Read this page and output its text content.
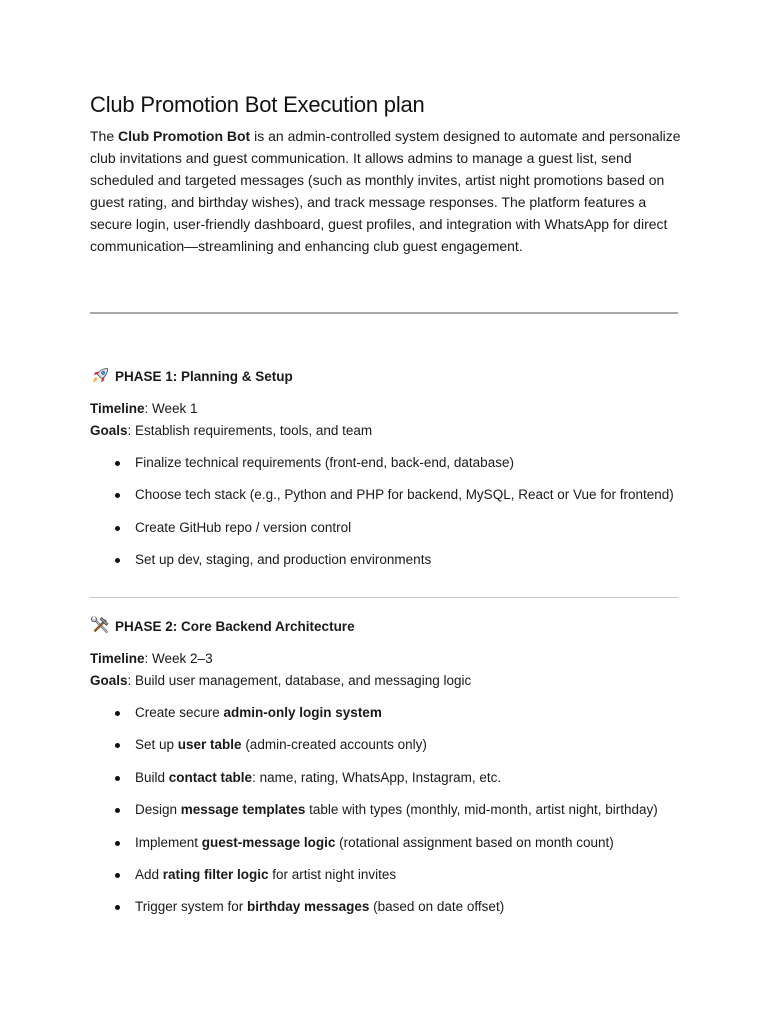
Club Promotion Bot Execution plan

The Club Promotion Bot is an admin-controlled system designed to automate and personalize club invitations and guest communication. It allows admins to manage a guest list, send scheduled and targeted messages (such as monthly invites, artist night promotions based on guest rating, and birthday wishes), and track message responses. The platform features a secure login, user-friendly dashboard, guest profiles, and integration with WhatsApp for direct communication—streamlining and enhancing club guest engagement.

PHASE 1: Planning & Setup
Timeline: Week 1
Goals: Establish requirements, tools, and team
Finalize technical requirements (front-end, back-end, database)
Choose tech stack (e.g., Python and PHP for backend, MySQL, React or Vue for frontend)
Create GitHub repo / version control
Set up dev, staging, and production environments
PHASE 2: Core Backend Architecture
Timeline: Week 2–3
Goals: Build user management, database, and messaging logic
Create secure admin-only login system
Set up user table (admin-created accounts only)
Build contact table: name, rating, WhatsApp, Instagram, etc.
Design message templates table with types (monthly, mid-month, artist night, birthday)
Implement guest-message logic (rotational assignment based on month count)
Add rating filter logic for artist night invites
Trigger system for birthday messages (based on date offset)
